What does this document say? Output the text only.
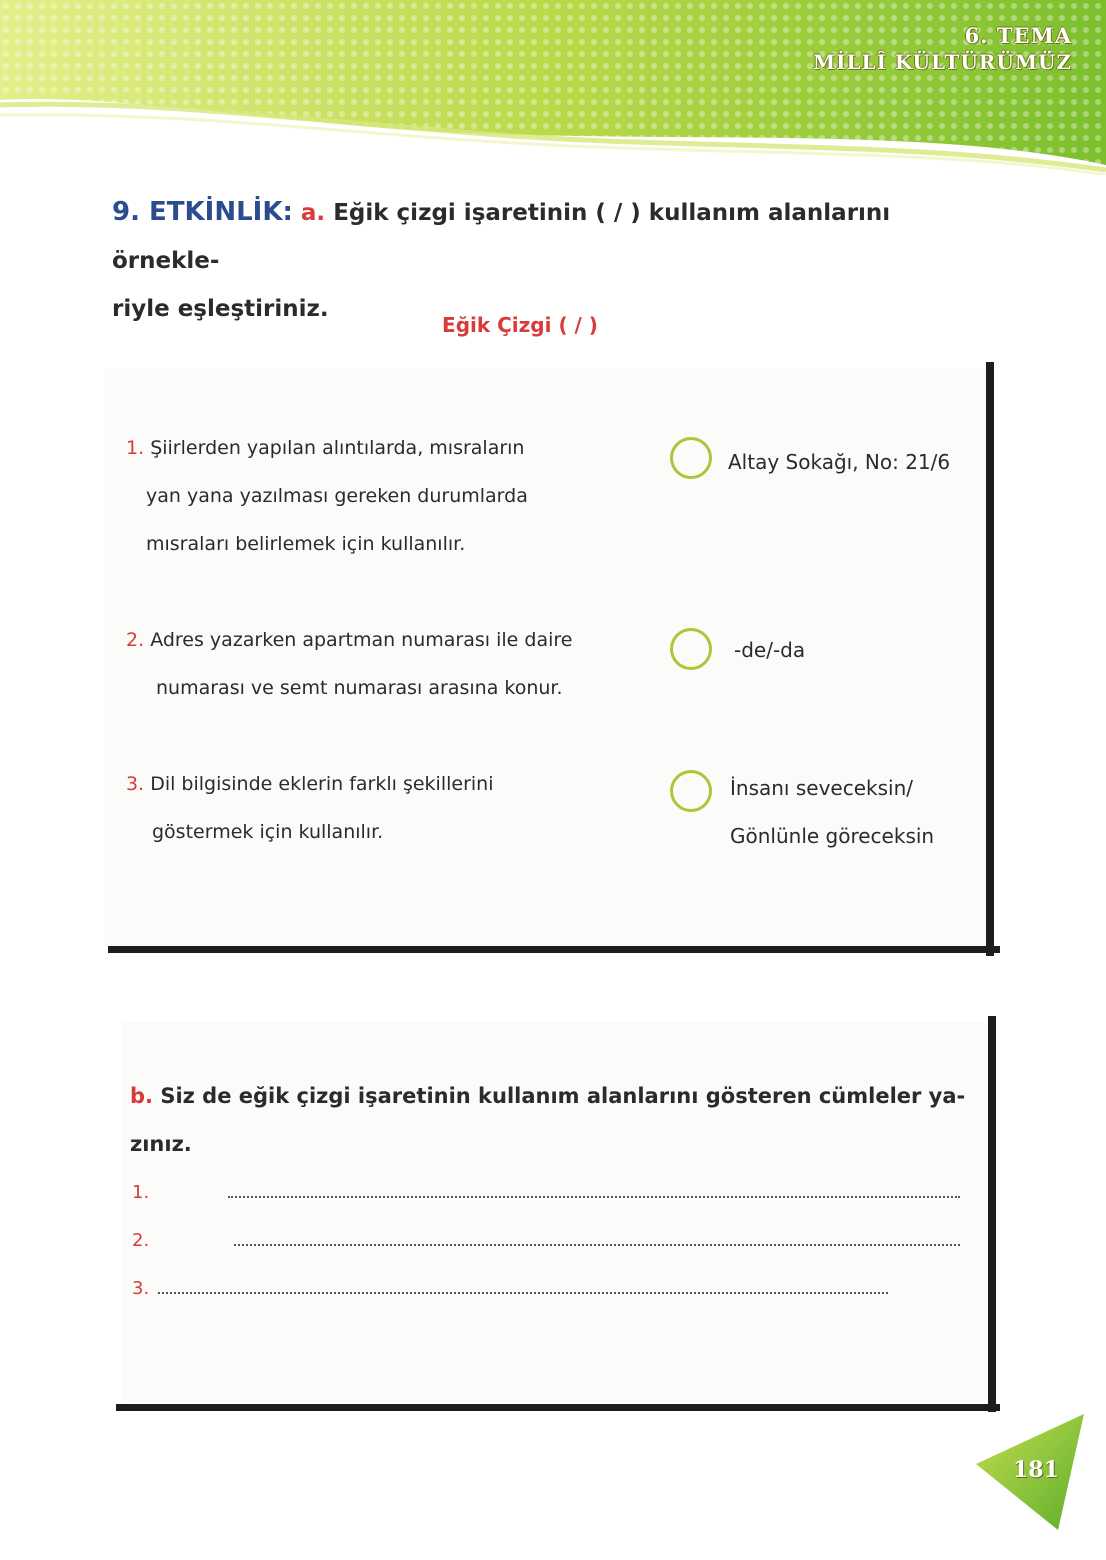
6. TEMA
MİLLÎ KÜLTÜRÜMÜZ
9. ETKİNLİK: a. Eğik çizgi işaretinin ( / ) kullanım alanlarını örnekle-
riyle eşleştiriniz.
Eğik Çizgi ( / )
1. Şiirlerden yapılan alıntılarda, mısraların
yan yana yazılması gereken durumlarda
mısraları belirlemek için kullanılır.
2. Adres yazarken apartman numarası ile daire
numarası ve semt numarası arasına konur.
3. Dil bilgisinde eklerin farklı şekillerini
göstermek için kullanılır.
Altay Sokağı, No: 21/6
-de/-da
İnsanı seveceksin/
Gönlünle göreceksin
b. Siz de eğik çizgi işaretinin kullanım alanlarını gösteren cümleler ya-
zınız.
1.
2.
3.
181
